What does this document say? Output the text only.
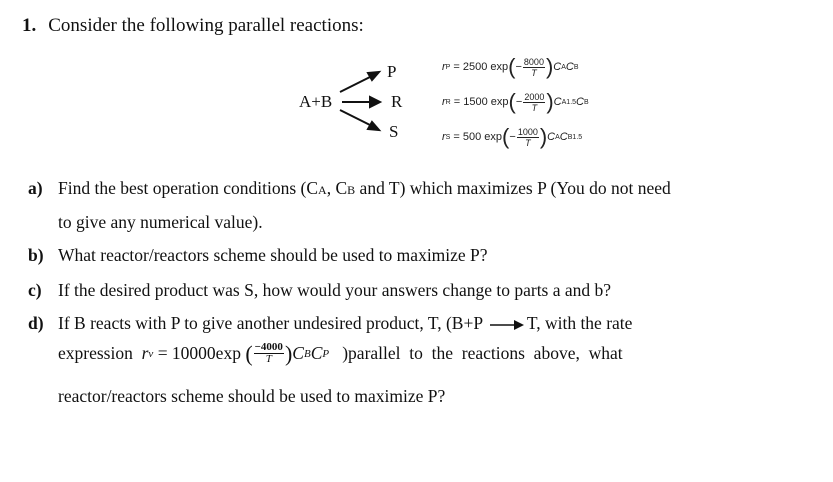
1. Consider the following parallel reactions:
A+B
P
R
S
r P = 2500 exp ( − $\frac{8000}{T}$ ) C A C B
r R = 1500 exp ( − $\frac{2000}{T}$ ) C A 1.5 C B
r S = 500 exp ( − $\frac{1000}{T}$ ) C A C B 1.5
a) Find the best operation conditions (CA, CB and T) which maximizes P (You do not need
to give any numerical value).
b) What reactor/reactors scheme should be used to maximize P?
c) If the desired product was S, how would your answers change to parts a and b?
d) If B reacts with P to give another undesired product, T, (B+P	T, with the rate
expression
r v = 10000exp ( −4000
T ) C B C P
)parallel  to  the  reactions  above,  what
reactor/reactors scheme should be used to maximize P?
